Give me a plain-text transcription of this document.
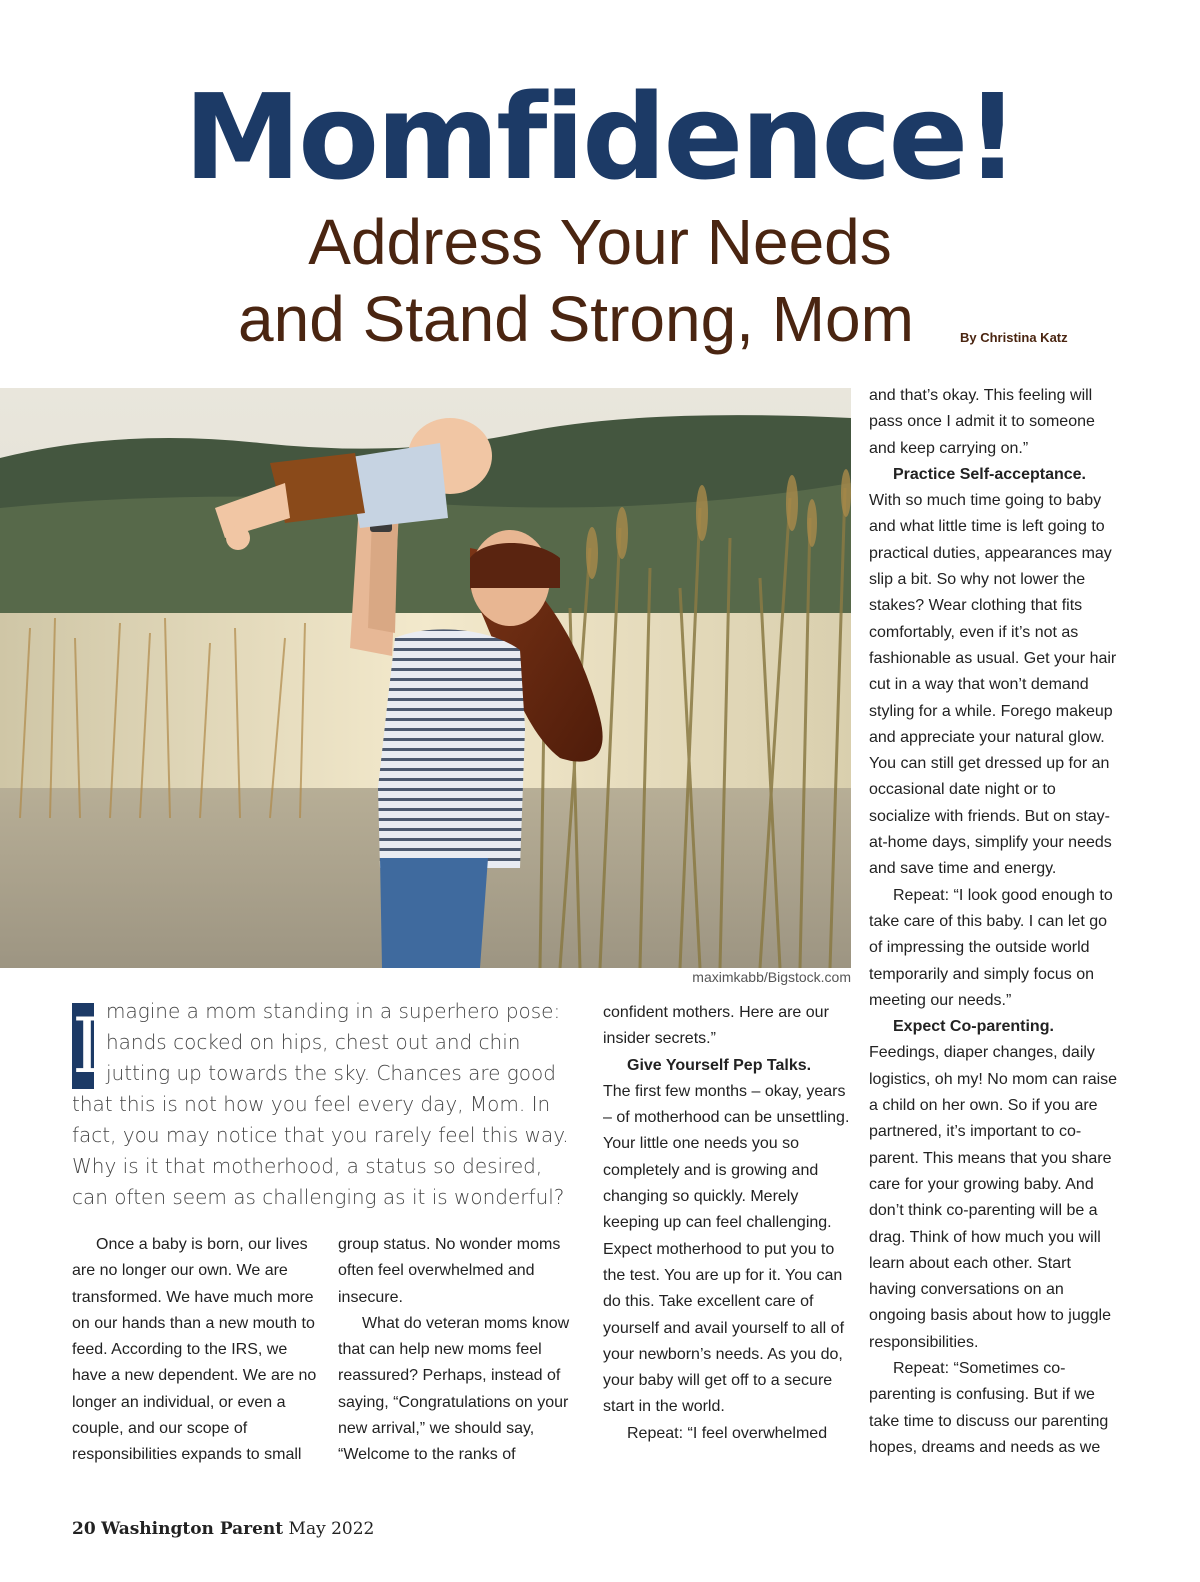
Momfidence!
Address Your Needs
and Stand Strong, Mom	By Christina Katz
maximkabb/Bigstock.com
I magine a mom standing in a superhero pose: hands cocked on hips, chest out and chin jutting up towards the sky. Chances are good that this is not how you feel every day, Mom. In fact, you may notice that you rarely feel this way. Why is it that motherhood, a status so desired, can often seem as challenging as it is wonderful?

Once a baby is born, our lives are no longer our own. We are transformed. We have much more on our hands than a new mouth to feed. According to the IRS, we have a new dependent. We are no longer an individual, or even a couple, and our scope of responsibilities expands to small

group status. No wonder moms often feel overwhelmed and insecure.

What do veteran moms know that can help new moms feel reassured? Perhaps, instead of saying, “Congratulations on your new arrival,” we should say, “Welcome to the ranks of

confident mothers. Here are our insider secrets.”

Give Yourself Pep Talks.

The first few months – okay, years – of motherhood can be unsettling. Your little one needs you so completely and is growing and changing so quickly. Merely keeping up can feel challenging. Expect motherhood to put you to the test. You are up for it. You can do this. Take excellent care of yourself and avail yourself to all of your newborn’s needs. As you do, your baby will get off to a secure start in the world.

Repeat: “I feel overwhelmed

and that’s okay. This feeling will pass once I admit it to someone and keep carrying on.”

Practice Self-acceptance.

With so much time going to baby and what little time is left going to practical duties, appearances may slip a bit. So why not lower the stakes? Wear clothing that fits comfortably, even if it’s not as fashionable as usual. Get your hair cut in a way that won’t demand styling for a while. Forego makeup and appreciate your natural glow. You can still get dressed up for an occasional date night or to socialize with friends. But on stay-at-home days, simplify your needs and save time and energy.

Repeat: “I look good enough to take care of this baby. I can let go of impressing the outside world temporarily and simply focus on meeting our needs.”

Expect Co-parenting.

Feedings, diaper changes, daily logistics, oh my! No mom can raise a child on her own. So if you are partnered, it’s important to co-parent. This means that you share care for your growing baby. And don’t think co-parenting will be a drag. Think of how much you will learn about each other. Start having conversations on an ongoing basis about how to juggle responsibilities.

Repeat: “Sometimes co-parenting is confusing. But if we take time to discuss our parenting hopes, dreams and needs as we

20 Washington Parent May 2022
